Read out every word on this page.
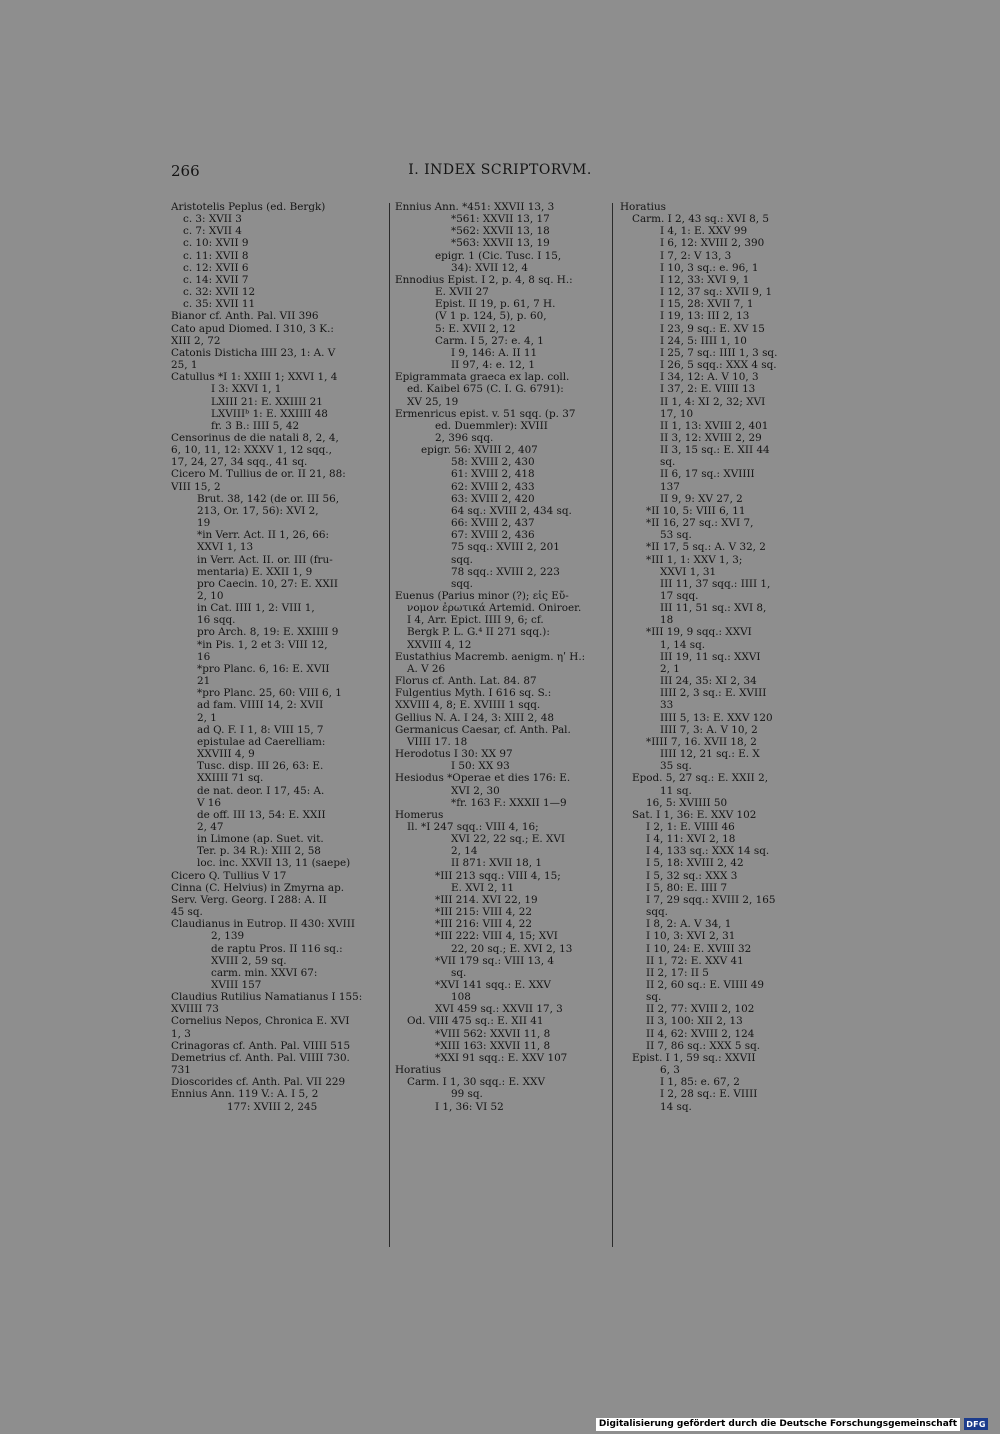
266	I. INDEX SCRIPTORVM.
Aristotelis Peplus (ed. Bergk)
c. 3: XVII 3
c. 7: XVII 4
c. 10: XVII 9
c. 11: XVII 8
c. 12: XVII 6
c. 14: XVII 7
c. 32: XVII 12
c. 35: XVII 11
Bianor cf. Anth. Pal. VII 396
Cato apud Diomed. I 310, 3 K.:
XIII 2, 72
Catonis Disticha IIII 23, 1: A. V
25, 1
Catullus *I 1: XXIII 1; XXVI 1, 4
I 3: XXVI 1, 1
LXIII 21: E. XXIIII 21
LXVIIIᵇ 1: E. XXIIII 48
fr. 3 B.: IIII 5, 42
Censorinus de die natali 8, 2, 4,
6, 10, 11, 12: XXXV 1, 12 sqq.,
17, 24, 27, 34 sqq., 41 sq.
Cicero M. Tullius de or. II 21, 88:
VIII 15, 2
Brut. 38, 142 (de or. III 56,
213, Or. 17, 56): XVI 2,
19
*in Verr. Act. II 1, 26, 66:
XXVI 1, 13
in Verr. Act. II. or. III (fru-
mentaria) E. XXII 1, 9
pro Caecin. 10, 27: E. XXII
2, 10
in Cat. IIII 1, 2: VIII 1,
16 sqq.
pro Arch. 8, 19: E. XXIIII 9
*in Pis. 1, 2 et 3: VIII 12,
16
*pro Planc. 6, 16: E. XVII
21
*pro Planc. 25, 60: VIII 6, 1
ad fam. VIIII 14, 2: XVII
2, 1
ad Q. F. I 1, 8: VIII 15, 7
epistulae ad Caerelliam:
XXVIII 4, 9
Tusc. disp. III 26, 63: E.
XXIIII 71 sq.
de nat. deor. I 17, 45: A.
V 16
de off. III 13, 54: E. XXII
2, 47
in Limone (ap. Suet. vit.
Ter. p. 34 R.): XIII 2, 58
loc. inc. XXVII 13, 11 (saepe)
Cicero Q. Tullius V 17
Cinna (C. Helvius) in Zmyrna ap.
Serv. Verg. Georg. I 288: A. II
45 sq.
Claudianus in Eutrop. II 430: XVIII
2, 139
de raptu Pros. II 116 sq.:
XVIII 2, 59 sq.
carm. min. XXVI 67:
XVIII 157
Claudius Rutilius Namatianus I 155:
XVIIII 73
Cornelius Nepos, Chronica E. XVI
1, 3
Crinagoras cf. Anth. Pal. VIIII 515
Demetrius cf. Anth. Pal. VIIII 730.
731
Dioscorides cf. Anth. Pal. VII 229
Ennius Ann. 119 V.: A. I 5, 2
177: XVIII 2, 245
Ennius Ann. *451: XXVII 13, 3
*561: XXVII 13, 17
*562: XXVII 13, 18
*563: XXVII 13, 19
epigr. 1 (Cic. Tusc. I 15,
34): XVII 12, 4
Ennodius Epist. I 2, p. 4, 8 sq. H.:
E. XVII 27
Epist. II 19, p. 61, 7 H.
(V 1 p. 124, 5), p. 60,
5: E. XVII 2, 12
Carm. I 5, 27: e. 4, 1
I 9, 146: A. II 11
II 97, 4: e. 12, 1
Epigrammata graeca ex lap. coll.
ed. Kaibel 675 (C. I. G. 6791):
XV 25, 19
Ermenricus epist. v. 51 sqq. (p. 37
ed. Duemmler): XVIII
2, 396 sqq.
epigr. 56: XVIII 2, 407
58: XVIII 2, 430
61: XVIII 2, 418
62: XVIII 2, 433
63: XVIII 2, 420
64 sq.: XVIII 2, 434 sq.
66: XVIII 2, 437
67: XVIII 2, 436
75 sqq.: XVIII 2, 201
sqq.
78 sqq.: XVIII 2, 223
sqq.
Euenus (Parius minor (?); εἰς Εὔ-
νομον ἐρωτικά Artemid. Oniroer.
I 4, Arr. Epict. IIII 9, 6; cf.
Bergk P. L. G.⁴ II 271 sqq.):
XXVIII 4, 12
Eustathius Macremb. aenigm. ηʹ H.:
A. V 26
Florus cf. Anth. Lat. 84. 87
Fulgentius Myth. I 616 sq. S.:
XXVIII 4, 8; E. XVIIII 1 sqq.
Gellius N. A. I 24, 3: XIII 2, 48
Germanicus Caesar, cf. Anth. Pal.
VIIII 17. 18
Herodotus I 30: XX 97
I 50: XX 93
Hesiodus *Operae et dies 176: E.
XVI 2, 30
*fr. 163 F.: XXXII 1—9
Homerus
Il. *I 247 sqq.: VIII 4, 16;
XVI 22, 22 sq.; E. XVI
2, 14
II 871: XVII 18, 1
*III 213 sqq.: VIII 4, 15;
E. XVI 2, 11
*III 214. XVI 22, 19
*III 215: VIII 4, 22
*III 216: VIII 4, 22
*III 222: VIII 4, 15; XVI
22, 20 sq.; E. XVI 2, 13
*VII 179 sq.: VIII 13, 4
sq.
*XVI 141 sqq.: E. XXV
108
XVI 459 sq.: XXVII 17, 3
Od. VIII 475 sq.: E. XII 41
*VIII 562: XXVII 11, 8
*XIII 163: XXVII 11, 8
*XXI 91 sqq.: E. XXV 107
Horatius
Carm. I 1, 30 sqq.: E. XXV
99 sq.
I 1, 36: VI 52
Horatius
Carm. I 2, 43 sq.: XVI 8, 5
I 4, 1: E. XXV 99
I 6, 12: XVIII 2, 390
I 7, 2: V 13, 3
I 10, 3 sq.: e. 96, 1
I 12, 33: XVI 9, 1
I 12, 37 sq.: XVII 9, 1
I 15, 28: XVII 7, 1
I 19, 13: III 2, 13
I 23, 9 sq.: E. XV 15
I 24, 5: IIII 1, 10
I 25, 7 sq.: IIII 1, 3 sq.
I 26, 5 sqq.: XXX 4 sq.
I 34, 12: A. V 10, 3
I 37, 2: E. VIIII 13
II 1, 4: XI 2, 32; XVI
17, 10
II 1, 13: XVIII 2, 401
II 3, 12: XVIII 2, 29
II 3, 15 sq.: E. XII 44
sq.
II 6, 17 sq.: XVIIII
137
II 9, 9: XV 27, 2
*II 10, 5: VIII 6, 11
*II 16, 27 sq.: XVI 7,
53 sq.
*II 17, 5 sq.: A. V 32, 2
*III 1, 1: XXV 1, 3;
XXVI 1, 31
III 11, 37 sqq.: IIII 1,
17 sqq.
III 11, 51 sq.: XVI 8,
18
*III 19, 9 sqq.: XXVI
1, 14 sq.
III 19, 11 sq.: XXVI
2, 1
III 24, 35: XI 2, 34
IIII 2, 3 sq.: E. XVIII
33
IIII 5, 13: E. XXV 120
IIII 7, 3: A. V 10, 2
*IIII 7, 16. XVII 18, 2
IIII 12, 21 sq.: E. X
35 sq.
Epod. 5, 27 sq.: E. XXII 2,
11 sq.
16, 5: XVIIII 50
Sat. I 1, 36: E. XXV 102
I 2, 1: E. VIIII 46
I 4, 11: XVI 2, 18
I 4, 133 sq.: XXX 14 sq.
I 5, 18: XVIII 2, 42
I 5, 32 sq.: XXX 3
I 5, 80: E. IIII 7
I 7, 29 sqq.: XVIII 2, 165
sqq.
I 8, 2: A. V 34, 1
I 10, 3: XVI 2, 31
I 10, 24: E. XVIII 32
II 1, 72: E. XXV 41
II 2, 17: II 5
II 2, 60 sq.: E. VIIII 49
sq.
II 2, 77: XVIII 2, 102
II 3, 100: XII 2, 13
II 4, 62: XVIII 2, 124
II 7, 86 sq.: XXX 5 sq.
Epist. I 1, 59 sq.: XXVII
6, 3
I 1, 85: e. 67, 2
I 2, 28 sq.: E. VIIII
14 sq.
Digitalisierung gefördert durch die Deutsche Forschungsgemeinschaft	DFG
